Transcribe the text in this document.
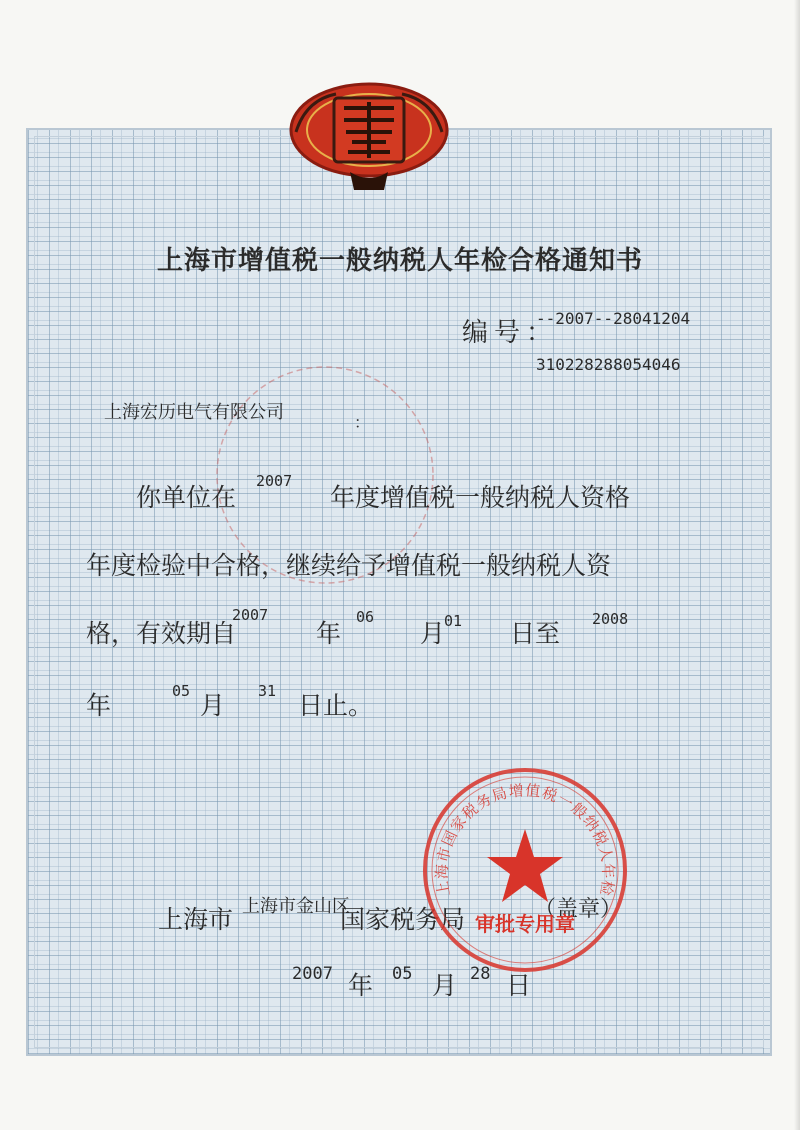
上海市增值税一般纳税人年检合格通知书
编号：
--2007--28041204
310228288054046
上海宏历电气有限公司	：
你单位在
2007
年度增值税一般纳税人资格
年度检验中合格，继续给予增值税一般纳税人资
格，有效期自
2007
年
06
月
01 日至 2008
年	05 月 31 日止。
上海市 上海市金山区
国家税务局	（盖章）
2007 年 05 月 28 日
上海市国家税务局增值税一般纳税人年检
审批专用章
